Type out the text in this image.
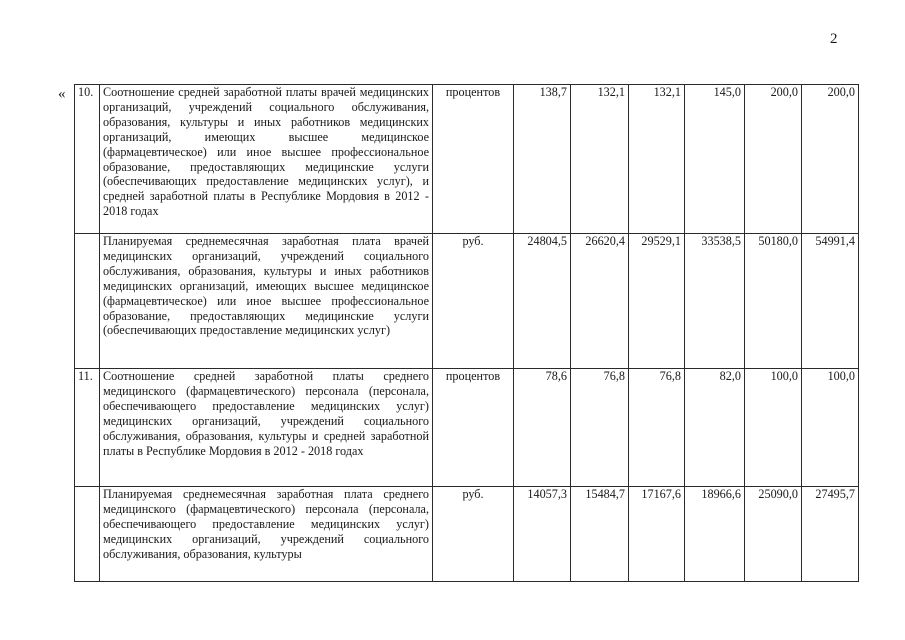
2
« 10.	Соотношение средней заработной платы врачей медицинских организаций, учреждений социального обслуживания, образования, культуры и иных работников медицинских организаций, имеющих высшее медицинское (фармацевтическое) или иное высшее профессиональное образование, предоставляющих медицинские услуги (обеспечивающих предоставление медицинских услуг), и средней заработной платы в Республике Мордовия в 2012 - 2018 годах	процентов	138,7	132,1	132,1	145,0	200,0	200,0
	Планируемая среднемесячная заработная плата врачей медицинских организаций, учреждений социального обслуживания, образования, культуры и иных работников медицинских организаций, имеющих высшее медицинское (фармацевтическое) или иное высшее профессиональное образование, предоставляющих медицинские услуги (обеспечивающих предоставление медицинских услуг)	руб.	24804,5	26620,4	29529,1	33538,5	50180,0	54991,4
11.	Соотношение средней заработной платы среднего медицинского (фармацевтического) персонала (персонала, обеспечивающего предоставление медицинских услуг) медицинских организаций, учреждений социального обслуживания, образования, культуры и средней заработной платы в Республике Мордовия в 2012 - 2018 годах	процентов	78,6	76,8	76,8	82,0	100,0	100,0
	Планируемая среднемесячная заработная плата среднего медицинского (фармацевтического) персонала (персонала, обеспечивающего предоставление медицинских услуг) медицинских организаций, учреждений социального обслуживания, образования, культуры	руб.	14057,3	15484,7	17167,6	18966,6	25090,0	27495,7
